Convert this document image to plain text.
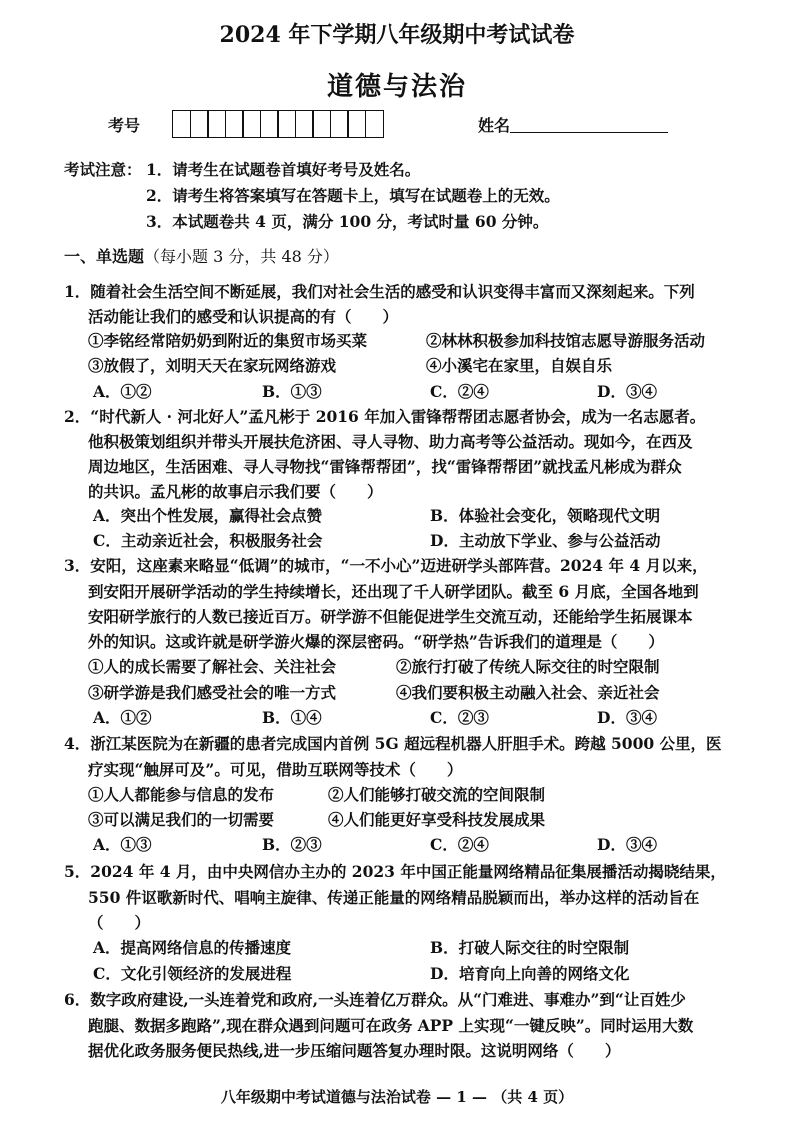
2024 年下学期八年级期中考试试卷
道德与法治
考号	姓名
考试注意： 1．请考生在试题卷首填好考号及姓名。
2．请考生将答案填写在答题卡上，填写在试题卷上的无效。
3．本试题卷共 4 页，满分 100 分，考试时量 60 分钟。
一、单选题（每小题 3 分，共 48 分）
1．随着社会生活空间不断延展，我们对社会生活的感受和认识变得丰富而又深刻起来。下列
活动能让我们的感受和认识提高的有（　　）
①李铭经常陪奶奶到附近的集贸市场买菜	②林林积极参加科技馆志愿导游服务活动
③放假了，刘明天天在家玩网络游戏	④小溪宅在家里，自娱自乐
A．①②	B．①③	C．②④	D．③④
2．“时代新人 · 河北好人”孟凡彬于 2016 年加入雷锋帮帮团志愿者协会，成为一名志愿者。
他积极策划组织并带头开展扶危济困、寻人寻物、助力高考等公益活动。现如今，在西及
周边地区，生活困难、寻人寻物找“雷锋帮帮团”，找“雷锋帮帮团”就找孟凡彬成为群众
的共识。孟凡彬的故事启示我们要（　　）
A．突出个性发展，赢得社会点赞	B．体验社会变化，领略现代文明
C．主动亲近社会，积极服务社会	D．主动放下学业、参与公益活动
3．安阳，这座素来略显“低调”的城市，“一不小心”迈进研学头部阵营。2024 年 4 月以来，
到安阳开展研学活动的学生持续增长，还出现了千人研学团队。截至 6 月底，全国各地到
安阳研学旅行的人数已接近百万。研学游不但能促进学生交流互动，还能给学生拓展课本
外的知识。这或许就是研学游火爆的深层密码。“研学热”告诉我们的道理是（　　）
①人的成长需要了解社会、关注社会	②旅行打破了传统人际交往的时空限制
③研学游是我们感受社会的唯一方式	④我们要积极主动融入社会、亲近社会
A．①②	B．①④	C．②③	D．③④
4．浙江某医院为在新疆的患者完成国内首例 5G 超远程机器人肝胆手术。跨越 5000 公里，医
疗实现“触屏可及”。可见，借助互联网等技术（　　）
①人人都能参与信息的发布	②人们能够打破交流的空间限制
③可以满足我们的一切需要	④人们能更好享受科技发展成果
A．①③	B．②③	C．②④	D．③④
5．2024 年 4 月，由中央网信办主办的 2023 年中国正能量网络精品征集展播活动揭晓结果，
550 件讴歌新时代、唱响主旋律、传递正能量的网络精品脱颖而出，举办这样的活动旨在
（　　）
A．提高网络信息的传播速度	B．打破人际交往的时空限制
C．文化引领经济的发展进程	D．培育向上向善的网络文化
6．数字政府建设,一头连着党和政府,一头连着亿万群众。从“门难进、事难办”到“让百姓少
跑腿、数据多跑路”,现在群众遇到问题可在政务 APP 上实现“一键反映”。同时运用大数
据优化政务服务便民热线,进一步压缩问题答复办理时限。这说明网络（　　）
八年级期中考试道德与法治试卷 — 1 — （共 4 页）
